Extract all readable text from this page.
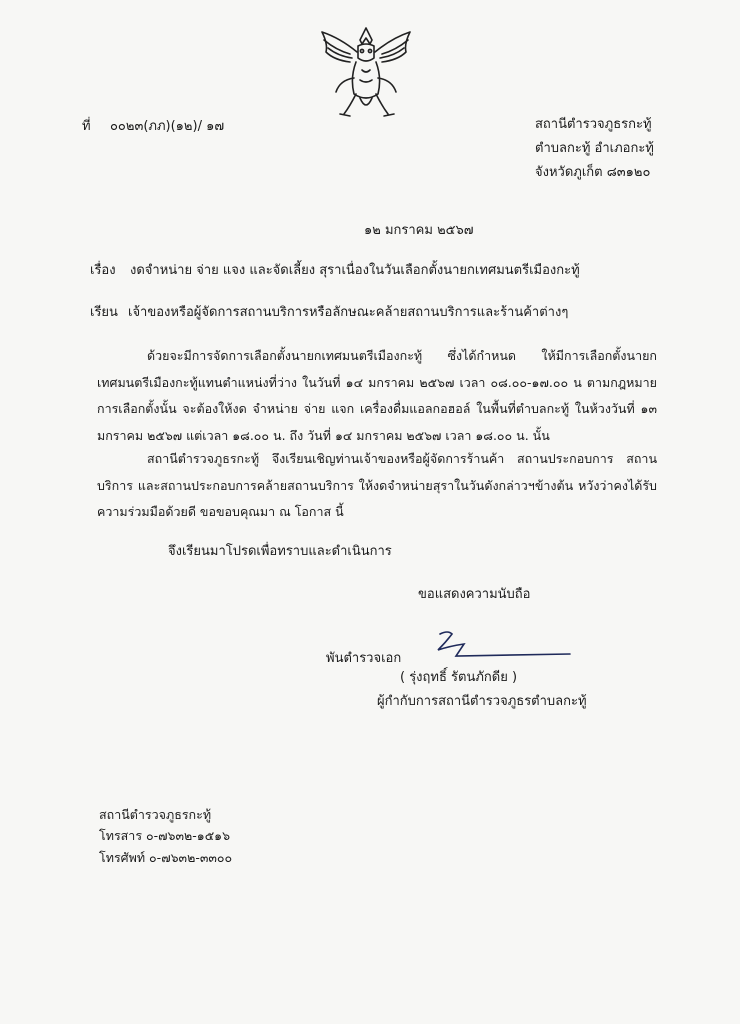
ที่ ๐๐๒๓(ภภ)(๑๒)/ ๑๗	สถานีตำรวจภูธรกะทู้
ตำบลกะทู้ อำเภอกะทู้
จังหวัดภูเก็ต ๘๓๑๒๐
๑๒ มกราคม ๒๕๖๗
เรื่อง งดจำหน่าย จ่าย แจง และจัดเลี้ยง สุราเนื่องในวันเลือกตั้งนายกเทศมนตรีเมืองกะทู้
เรียน เจ้าของหรือผู้จัดการสถานบริการหรือลักษณะคล้ายสถานบริการและร้านค้าต่างๆ
ด้วยจะมีการจัดการเลือกตั้งนายกเทศมนตรีเมืองกะทู้ ซึ่งได้กำหนด ให้มีการเลือกตั้งนายกเทศมนตรีเมืองกะทู้แทนตำแหน่งที่ว่าง ในวันที่ ๑๔ มกราคม ๒๕๖๗ เวลา ๐๘.๐๐-๑๗.๐๐ น ตามกฎหมายการเลือกตั้งนั้น จะต้องให้งด จำหน่าย จ่าย แจก เครื่องดื่มแอลกอฮอล์ ในพื้นที่ตำบลกะทู้ ในห้วงวันที่ ๑๓ มกราคม ๒๕๖๗ แต่เวลา ๑๘.๐๐ น. ถึง วันที่ ๑๔ มกราคม ๒๕๖๗ เวลา ๑๘.๐๐ น. นั้น
สถานีตำรวจภูธรกะทู้ จึงเรียนเชิญท่านเจ้าของหรือผู้จัดการร้านค้า สถานประกอบการ สถานบริการ และสถานประกอบการคล้ายสถานบริการ ให้งดจำหน่ายสุราในวันดังกล่าวฯข้างต้น หวังว่าคงได้รับความร่วมมือด้วยดี ขอขอบคุณมา ณ โอกาส นี้
จึงเรียนมาโปรดเพื่อทราบและดำเนินการ
ขอแสดงความนับถือ
พันตำรวจเอก
( รุ่งฤทธิ์ รัตนภักดีย )
ผู้กำกับการสถานีตำรวจภูธรตำบลกะทู้
สถานีตำรวจภูธรกะทู้
โทรสาร ๐-๗๖๓๒-๑๕๑๖
โทรศัพท์ ๐-๗๖๓๒-๓๓๐๐
